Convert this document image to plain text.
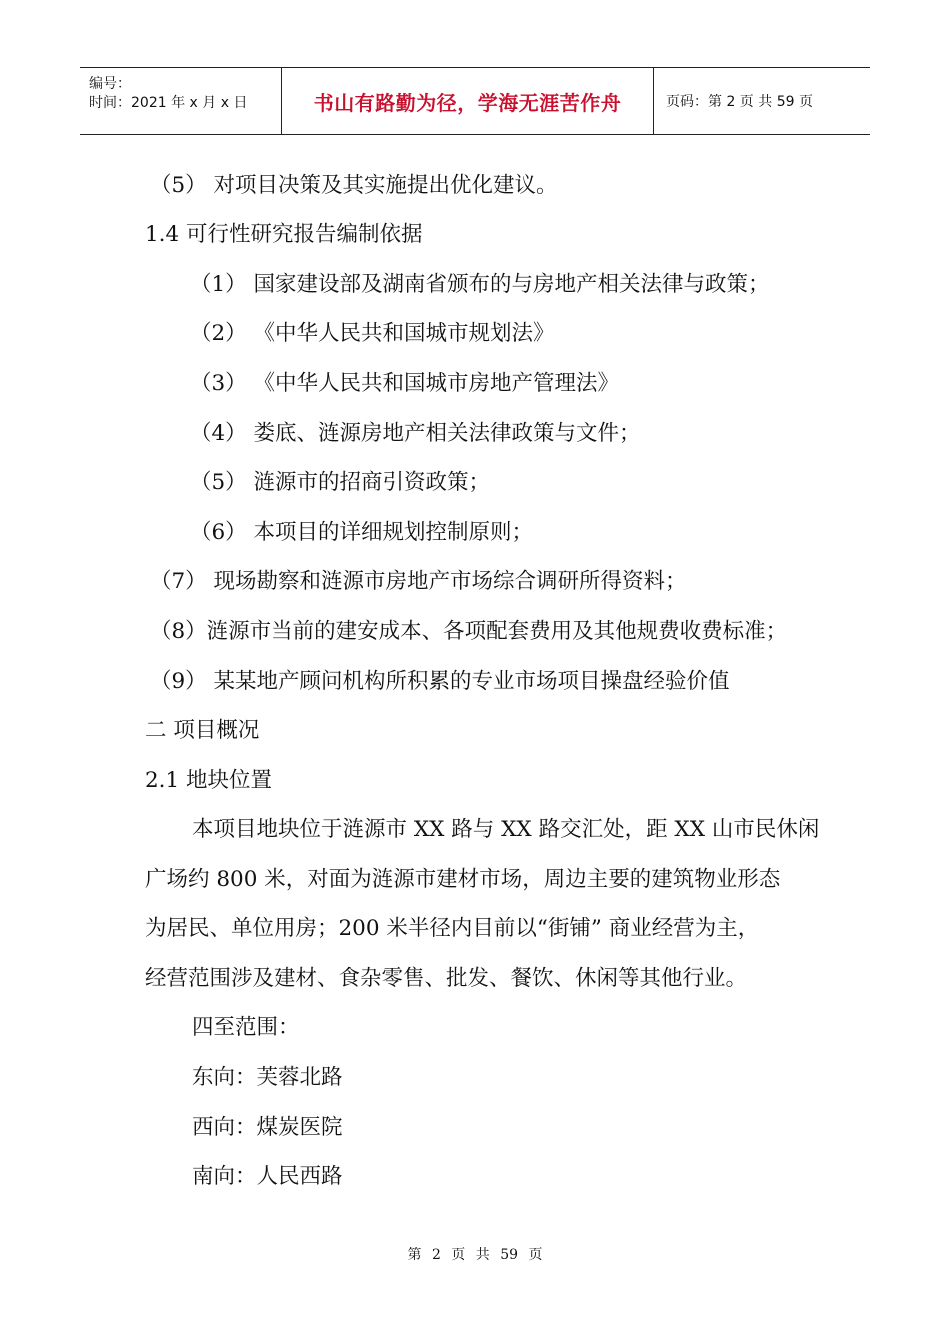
编号：
时间：2021 年 x 月 x 日	书山有路勤为径，学海无涯苦作舟	页码：第 2 页 共 59 页
（5） 对项目决策及其实施提出优化建议。
1.4 可行性研究报告编制依据
（1） 国家建设部及湖南省颁布的与房地产相关法律与政策；
（2） 《中华人民共和国城市规划法》
（3） 《中华人民共和国城市房地产管理法》
（4） 娄底、涟源房地产相关法律政策与文件；
（5） 涟源市的招商引资政策；
（6） 本项目的详细规划控制原则；
（7） 现场勘察和涟源市房地产市场综合调研所得资料；
（8）涟源市当前的建安成本、各项配套费用及其他规费收费标准；
（9） 某某地产顾问机构所积累的专业市场项目操盘经验价值
二 项目概况
2.1 地块位置
本项目地块位于涟源市 XX 路与 XX 路交汇处，距 XX 山市民休闲
广场约 800 米，对面为涟源市建材市场，周边主要的建筑物业形态
为居民、单位用房；200 米半径内目前以“街铺” 商业经营为主，
经营范围涉及建材、食杂零售、批发、餐饮、休闲等其他行业。
四至范围：
东向：芙蓉北路
西向：煤炭医院
南向：人民西路
第 2 页 共 59 页
